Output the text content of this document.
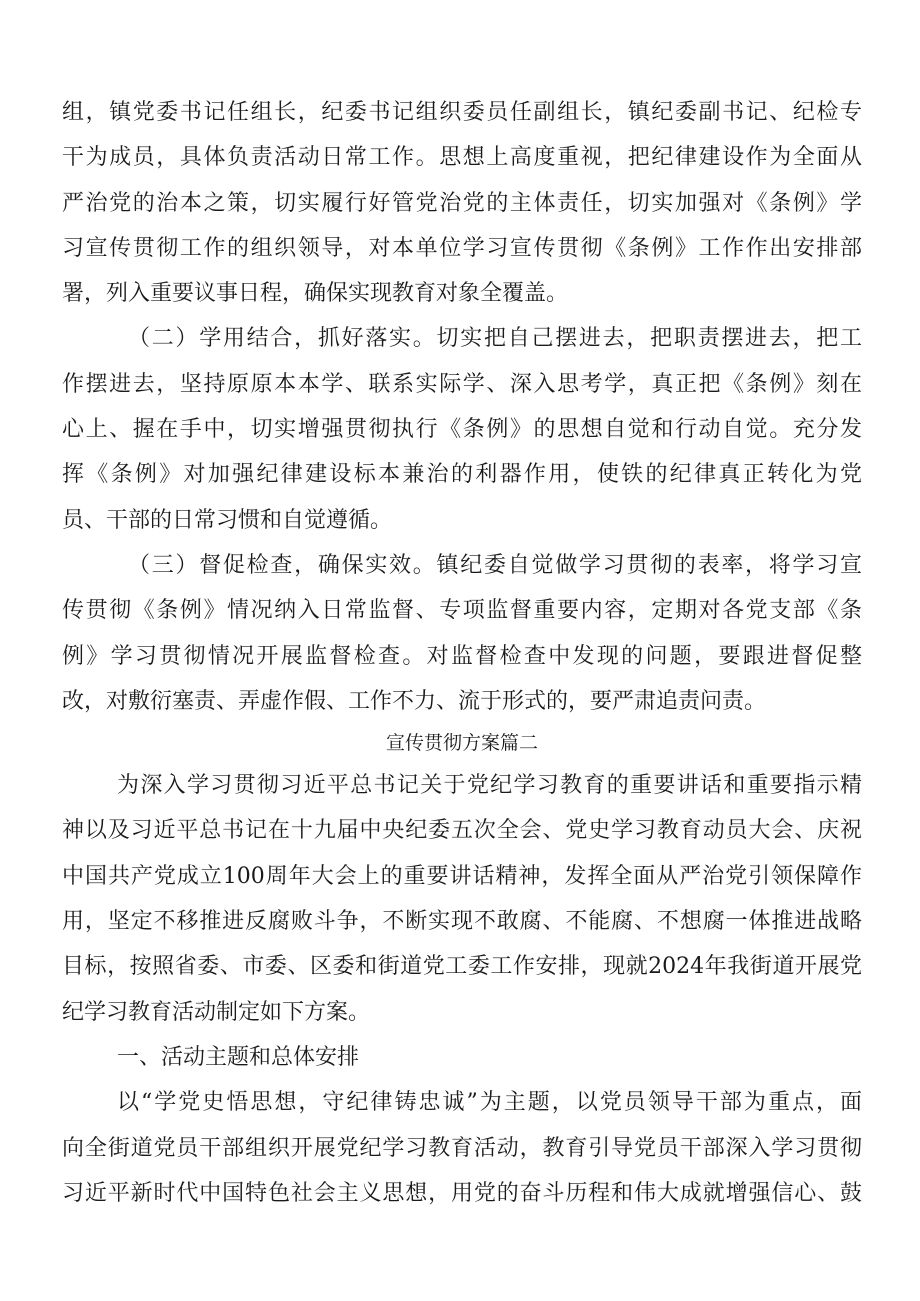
组，镇党委书记任组长，纪委书记组织委员任副组长，镇纪委副书记、纪检专
干为成员，具体负责活动日常工作。思想上高度重视，把纪律建设作为全面从
严治党的治本之策，切实履行好管党治党的主体责任，切实加强对《条例》学
习宣传贯彻工作的组织领导，对本单位学习宣传贯彻《条例》工作作出安排部
署，列入重要议事日程，确保实现教育对象全覆盖。
（二）学用结合，抓好落实。切实把自己摆进去，把职责摆进去，把工
作摆进去，坚持原原本本学、联系实际学、深入思考学，真正把《条例》刻在
心上、握在手中，切实增强贯彻执行《条例》的思想自觉和行动自觉。充分发
挥《条例》对加强纪律建设标本兼治的利器作用，使铁的纪律真正转化为党
员、干部的日常习惯和自觉遵循。
（三）督促检查，确保实效。镇纪委自觉做学习贯彻的表率，将学习宣
传贯彻《条例》情况纳入日常监督、专项监督重要内容，定期对各党支部《条
例》学习贯彻情况开展监督检查。对监督检查中发现的问题，要跟进督促整
改，对敷衍塞责、弄虚作假、工作不力、流于形式的，要严肃追责问责。
宣传贯彻方案篇二
为深入学习贯彻习近平总书记关于党纪学习教育的重要讲话和重要指示精
神以及习近平总书记在十九届中央纪委五次全会、党史学习教育动员大会、庆祝
中国共产党成立100周年大会上的重要讲话精神，发挥全面从严治党引领保障作
用，坚定不移推进反腐败斗争，不断实现不敢腐、不能腐、不想腐一体推进战略
目标，按照省委、市委、区委和街道党工委工作安排，现就2024年我街道开展党
纪学习教育活动制定如下方案。
一、活动主题和总体安排
以“学党史悟思想，守纪律铸忠诚”为主题，以党员领导干部为重点，面
向全街道党员干部组织开展党纪学习教育活动，教育引导党员干部深入学习贯彻
习近平新时代中国特色社会主义思想，用党的奋斗历程和伟大成就增强信心、鼓
